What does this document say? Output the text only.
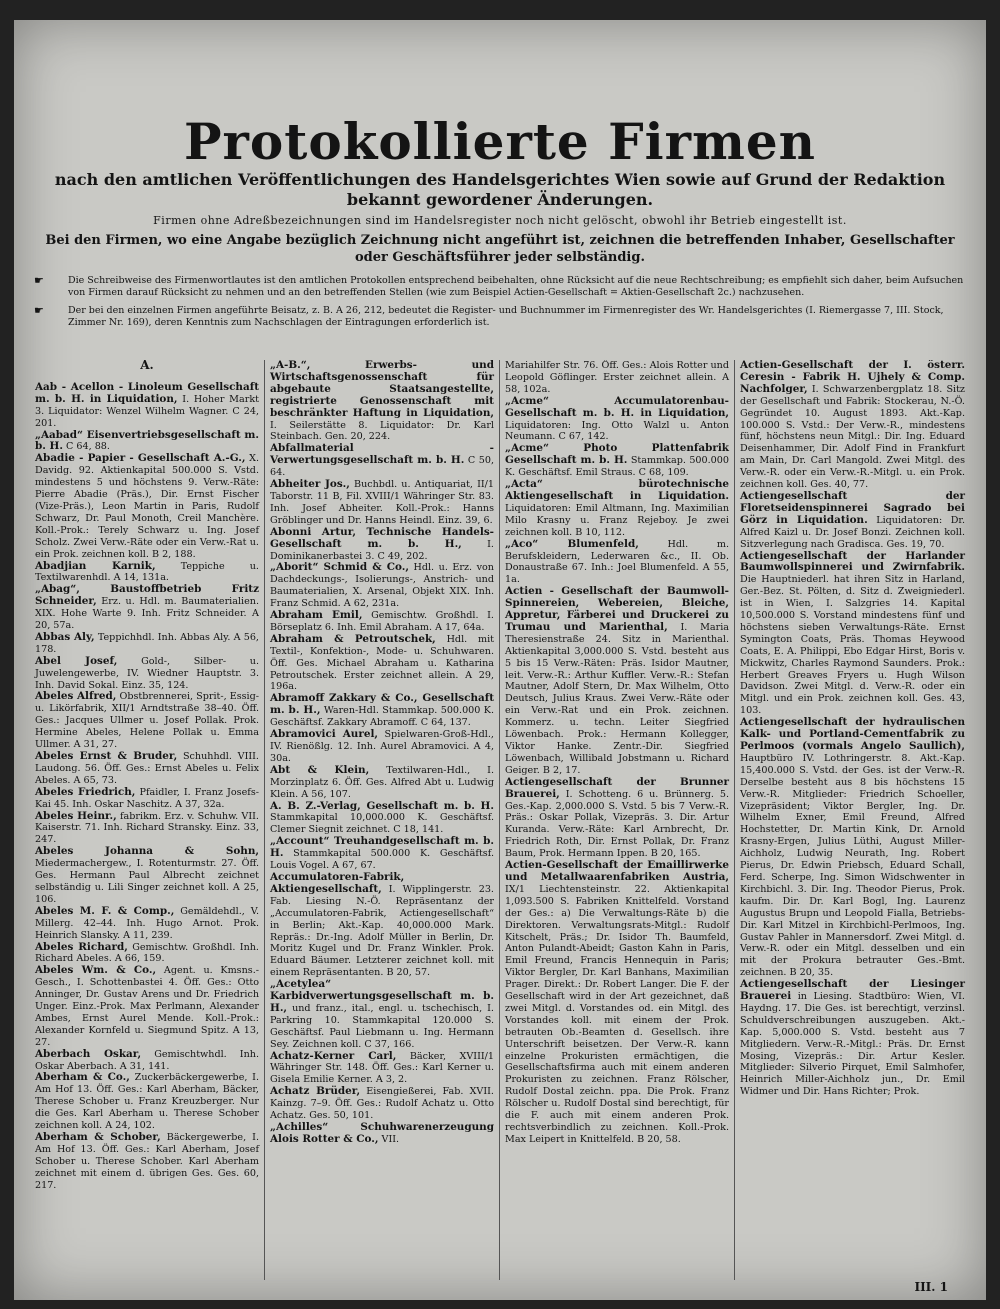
Protokollierte Firmen
nach den amtlichen Veröffentlichungen des Handelsgerichtes Wien sowie auf Grund der Redaktion bekannt gewordener Änderungen.
Firmen ohne Adreßbezeichnungen sind im Handelsregister noch nicht gelöscht, obwohl ihr Betrieb eingestellt ist.
Bei den Firmen, wo eine Angabe bezüglich Zeichnung nicht angeführt ist, zeichnen die betreffenden Inhaber, Gesellschafter oder Geschäftsführer jeder selbständig.
☛	Die Schreibweise des Firmenwortlautes ist den amtlichen Protokollen entsprechend beibehalten, ohne Rücksicht auf die neue Rechtschreibung; es empfiehlt sich daher, beim Aufsuchen von Firmen darauf Rücksicht zu nehmen und an den betreffenden Stellen (wie zum Beispiel Actien-Gesellschaft = Aktien-Gesellschaft 2c.) nachzusehen.
☛	Der bei den einzelnen Firmen angeführte Beisatz, z. B. A 26, 212, bedeutet die Register- und Buchnummer im Firmenregister des Wr. Handelsgerichtes (I. Riemergasse 7, III. Stock, Zimmer Nr. 169), deren Kenntnis zum Nachschlagen der Eintragungen erforderlich ist.
A.

Aab - Acellon - Linoleum Gesellschaft m. b. H. in Liquidation, I. Hoher Markt 3. Liquidator: Wenzel Wilhelm Wagner. C 24, 201.

„Aabad“ Eisenvertriebsgesellschaft m. b. H. C 64, 88.

Abadie - Papier - Gesellschaft A.-G., X. Davidg. 92. Aktienkapital 500.000 S. Vstd. mindestens 5 und höchstens 9. Verw.-Räte: Pierre Abadie (Präs.), Dir. Ernst Fischer (Vize-Präs.), Leon Martin in Paris, Rudolf Schwarz, Dr. Paul Monoth, Creil Manchère. Koll.-Prok.: Terely Schwarz u. Ing. Josef Scholz. Zwei Verw.-Räte oder ein Verw.-Rat u. ein Prok. zeichnen koll. B 2, 188.

Abadjian Karnik,	Teppiche u. Textilwarenhdl. A 14, 131a.

„Abag“, Baustoffbetrieb Fritz Schneider, Erz. u. Hdl. m. Baumaterialien. XIX. Hohe Warte 9. Inh. Fritz Schneider. A 20, 57a.

Abbas Aly, Teppichhdl. Inh. Abbas Aly. A 56, 178.

Abel Josef, Gold-, Silber- u. Juwelengewerbe, IV. Wiedner Hauptstr. 3. Inh. David Sokal. Einz. 35, 124.

Abeles Alfred, Obstbrennerei, Sprit-, Essig- u. Likörfabrik, XII/1 Arndtstraße 38–40. Öff. Ges.: Jacques Ullmer u. Josef Pollak. Prok. Hermine Abeles, Helene Pollak u. Emma Ullmer. A 31, 27.

Abeles Ernst & Bruder, Schuhhdl. VIII. Laudong. 56. Öff. Ges.: Ernst Abeles u. Felix Abeles. A 65, 73.

Abeles Friedrich, Pfaidler, I. Franz Josefs-Kai 45. Inh. Oskar Naschitz. A 37, 32a.

Abeles Heinr., fabrikm. Erz. v. Schuhw. VII. Kaiserstr. 71. Inh. Richard Stransky. Einz. 33, 247.

Abeles Johanna & Sohn, Miedermachergew., I. Rotenturmstr. 27. Öff. Ges. Hermann Paul Albrecht zeichnet selbständig u. Lili Singer zeichnet koll. A 25, 106.

Abeles M. F. & Comp., Gemäldehdl., V. Millerg. 42–44. Inh. Hugo Arnot. Prok. Heinrich Slansky. A 11, 239.

Abeles Richard, Gemischtw. Großhdl. Inh. Richard Abeles. A 66, 159.

Abeles Wm. & Co., Agent. u. Kmsns.-Gesch., I. Schottenbastei 4. Öff. Ges.: Otto Anninger, Dr. Gustav Arens und Dr. Friedrich Unger. Einz.-Prok. Max Perlmann, Alexander Ambes, Ernst Aurel Mende. Koll.-Prok.: Alexander Kornfeld u. Siegmund Spitz. A 13, 27.

Aberbach Oskar, Gemischtwhdl. Inh. Oskar Aberbach. A 31, 141.

Aberham & Co., Zuckerbäckergewerbe, I. Am Hof 13. Öff. Ges.: Karl Aberham, Bäcker, Therese Schober u. Franz Kreuzberger. Nur die Ges. Karl Aberham u. Therese Schober zeichnen koll. A 24, 102.

Aberham & Schober, Bäckergewerbe, I. Am Hof 13. Öff. Ges.: Karl Aberham, Josef Schober u. Therese Schober. Karl Aberham zeichnet mit einem d. übrigen Ges. Ges. 60, 217.

„A-B.“, Erwerbs- und Wirtschaftsgenossenschaft für abgebaute Staatsangestellte, registrierte Genossenschaft mit beschränkter Haftung in Liquidation, I. Seilerstätte 8. Liquidator: Dr. Karl Steinbach. Gen. 20, 224.

Abfallmaterial - Verwertungsgesellschaft m. b. H. C 50, 64.

Abheiter Jos., Buchbdl. u. Antiquariat, II/1 Taborstr. 11 B, Fil. XVIII/1 Währinger Str. 83. Inh. Josef Abheiter. Koll.-Prok.: Hanns Gröblinger und Dr. Hanns Heindl. Einz. 39, 6.

Abonni Artur, Technische Handels-Gesellschaft m. b. H.,	I. Dominikanerbastei 3. C 49, 202.

„Aborit“ Schmid & Co., Hdl. u. Erz. von Dachdeckungs-, Isolierungs-, Anstrich- und Baumaterialien, X. Arsenal, Objekt XIX. Inh. Franz Schmid. A 62, 231a.

Abraham Emil, Gemischtw. Großhdl. I. Börseplatz 6. Inh. Emil Abraham. A 17, 64a.

Abraham & Petroutschek, Hdl. mit Textil-, Konfektion-, Mode- u. Schuhwaren. Öff. Ges. Michael Abraham u. Katharina Petroutschek. Erster zeichnet allein. A 29, 196a.

Abramoff Zakkary & Co., Gesellschaft m. b. H., Waren-Hdl. Stammkap. 500.000 K. Geschäftsf. Zakkary Abramoff. C 64, 137.

Abramovici Aurel, Spielwaren-Groß-Hdl., IV. Rienößlg. 12. Inh. Aurel Abramovici. A 4, 30a.

Abt & Klein, Textilwaren-Hdl., I. Morzinplatz 6. Öff. Ges. Alfred Abt u. Ludwig Klein. A 56, 107.

A. B. Z.-Verlag, Gesellschaft m. b. H. Stammkapital 10,000.000 K. Geschäftsf. Clemer Siegnit zeichnet. C 18, 141.

„Account“ Treuhandgesellschaft m. b. H. Stammkapital 500.000 K. Geschäftsf. Louis Vogel. A 67, 67.

Accumulatoren-Fabrik, Aktiengesellschaft, I. Wipplingerstr. 23. Fab. Liesing N.-Ö. Repräsentanz der „Accumulatoren-Fabrik, Actiengesellschaft“ in Berlin; Akt.-Kap. 40,000.000 Mark. Repräs.: Dr.-Ing. Adolf Müller in Berlin, Dr. Moritz Kugel und Dr. Franz Winkler. Prok. Eduard Bäumer. Letzterer zeichnet koll. mit einem Repräsentanten. B 20, 57.

„Acetylea“ Karbidverwertungsgesellschaft m. b. H., und franz., ital., engl. u. tschechisch, I. Parkring 10. Stammkapital 120.000 S. Geschäftsf. Paul Liebmann u. Ing. Hermann Sey. Zeichnen koll. C 37, 166.

Achatz-Kerner Carl, Bäcker, XVIII/1 Währinger Str. 148. Öff. Ges.: Karl Kerner u. Gisela Emilie Kerner. A 3, 2.

Achatz Brüder, Eisengießerei, Fab. XVII. Kainzg. 7–9. Öff. Ges.: Rudolf Achatz u. Otto Achatz. Ges. 50, 101.

„Achilles“ Schuhwarenerzeugung Alois Rotter & Co., VII.

Mariahilfer Str. 76. Öff. Ges.: Alois Rotter und Leopold Göflinger. Erster zeichnet allein. A 58, 102a.

„Acme“ Accumulatorenbau-Gesellschaft m. b. H. in Liquidation, Liquidatoren: Ing. Otto Walzl u. Anton Neumann. C 67, 142.

„Acme“ Photo Plattenfabrik Gesellschaft m. b. H. Stammkap. 500.000 K. Geschäftsf. Emil Straus. C 68, 109.

„Acta“ bürotechnische Aktiengesellschaft in Liquidation. Liquidatoren: Emil Altmann, Ing. Maximilian Milo Krasny u. Franz Rejeboy. Je zwei zeichnen koll. B 10, 112.

„Aco“ Blumenfeld,	Hdl. m. Berufskleidern, Lederwaren &c., II. Ob. Donaustraße 67. Inh.: Joel Blumenfeld. A 55, 1a.

Actien - Gesellschaft der Baumwoll-Spinnereien, Webereien, Bleiche, Appretur, Färberei und Druckerei zu Trumau und Marienthal, I. Maria Theresienstraße 24. Sitz in Marienthal. Aktienkapital 3,000.000 S. Vstd. besteht aus 5 bis 15 Verw.-Räten: Präs. Isidor Mautner, leit. Verw.-R.: Arthur Kuffler. Verw.-R.: Stefan Mautner, Adolf Stern, Dr. Max Wilhelm, Otto Deutsch, Julius Kraus. Zwei Verw.-Räte oder ein Verw.-Rat und ein Prok. zeichnen. Kommerz. u. techn. Leiter Siegfried Löwenbach. Prok.: Hermann Kollegger, Viktor Hanke. Zentr.-Dir. Siegfried Löwenbach, Willibald Jobstmann u. Richard Geiger. B 2, 17.

Actiengesellschaft der Brunner Brauerei, I. Schotteng. 6 u. Brünnerg. 5. Ges.-Kap. 2,000.000 S. Vstd. 5 bis 7 Verw.-R. Präs.: Oskar Pollak, Vizepräs. 3. Dir. Artur Kuranda. Verw.-Räte: Karl Arnbrecht, Dr. Friedrich Roth, Dir. Ernst Pollak, Dr. Franz Baum, Prok. Hermann Ippen. B 20, 165.

Actien-Gesellschaft der Emaillirwerke und Metallwaarenfabriken Austria, IX/1 Liechtensteinstr. 22. Aktienkapital 1,093.500 S. Fabriken Knittelfeld. Vorstand der Ges.: a) Die Verwaltungs-Räte b) die Direktoren. Verwaltungsrats-Mitgl.: Rudolf Kitschelt, Präs.; Dr. Isidor Th. Baumfeld, Anton Pulandt-Abeidt; Gaston Kahn in Paris, Emil Freund, Francis Hennequin in Paris; Viktor Bergler, Dr. Karl Banhans, Maximilian Prager. Direkt.: Dr. Robert Langer. Die F. der Gesellschaft wird in der Art gezeichnet, daß zwei Mitgl. d. Vorstandes od. ein Mitgl. des Vorstandes koll. mit einem der Prok. betrauten Ob.-Beamten d. Gesellsch. ihre Unterschrift beisetzen. Der Verw.-R. kann einzelne Prokuristen ermächtigen, die Gesellschaftsfirma auch mit einem anderen Prokuristen zu zeichnen. Franz Rölscher, Rudolf Dostal zeichn. ppa. Die Prok. Franz Rölscher u. Rudolf Dostal sind berechtigt, für die F. auch mit einem anderen Prok. rechtsverbindlich zu zeichnen. Koll.-Prok. Max Leipert in Knittelfeld. B 20, 58.

Actien-Gesellschaft der I. österr. Ceresin - Fabrik H. Ujhely & Comp. Nachfolger, I. Schwarzenbergplatz 18. Sitz der Gesellschaft und Fabrik: Stockerau, N.-Ö. Gegründet 10. August 1893. Akt.-Kap. 100.000 S. Vstd.: Der Verw.-R., mindestens fünf, höchstens neun Mitgl.: Dir. Ing. Eduard Deisenhammer, Dir. Adolf Find in Frankfurt am Main, Dr. Carl Mangold. Zwei Mitgl. des Verw.-R. oder ein Verw.-R.-Mitgl. u. ein Prok. zeichnen koll. Ges. 40, 77.

Actiengesellschaft der Floretseidenspinnerei Sagrado bei Görz in Liquidation. Liquidatoren: Dr. Alfred Kaizl u. Dr. Josef Bonzi. Zeichnen koll. Sitzverlegung nach Gradisca. Ges. 19, 70.

Actiengesellschaft der Harlander Baumwollspinnerei und Zwirnfabrik. Die Hauptniederl. hat ihren Sitz in Harland, Ger.-Bez. St. Pölten, d. Sitz d. Zweigniederl. ist in Wien, I. Salzgries 14. Kapital 10,500.000 S. Vorstand mindestens fünf und höchstens sieben Verwaltungs-Räte. Ernst Symington Coats, Präs. Thomas Heywood Coats, E. A. Philippi, Ebo Edgar Hirst, Boris v. Mickwitz, Charles Raymond Saunders. Prok.: Herbert Greaves Fryers u. Hugh Wilson Davidson. Zwei Mitgl. d. Verw.-R. oder ein Mitgl. und ein Prok. zeichnen koll. Ges. 43, 103.

Actiengesellschaft der hydraulischen Kalk- und Portland-Cementfabrik zu Perlmoos (vormals Angelo Saullich), Hauptbüro IV. Lothringerstr. 8. Akt.-Kap. 15,400.000 S. Vstd. der Ges. ist der Verw.-R. Derselbe besteht aus 8 bis höchstens 15 Verw.-R. Mitglieder: Friedrich Schoeller, Vizepräsident; Viktor Bergler, Ing. Dr. Wilhelm Exner, Emil Freund, Alfred Hochstetter, Dr. Martin Kink, Dr. Arnold Krasny-Ergen, Julius Lüthi, August Miller-Aichholz, Ludwig Neurath, Ing. Robert Pierus, Dr. Edwin Priebsch, Eduard Schall, Ferd. Scherpe, Ing. Simon Widschwenter in Kirchbichl. 3. Dir. Ing. Theodor Pierus, Prok. kaufm. Dir. Dr. Karl Bogl, Ing. Laurenz Augustus Brupn und Leopold Fialla, Betriebs-Dir. Karl Mitzel in Kirchbichl-Perlmoos, Ing. Gustav Pahler in Mannersdorf. Zwei Mitgl. d. Verw.-R. oder ein Mitgl. desselben und ein mit der Prokura betrauter Ges.-Bmt. zeichnen. B 20, 35.

Actiengesellschaft der Liesinger Brauerei in Liesing. Stadtbüro: Wien, VI. Haydng. 17. Die Ges. ist berechtigt, verzinsl. Schuldverschreibungen auszugeben. Akt.-Kap. 5,000.000 S. Vstd. besteht aus 7 Mitgliedern. Verw.-R.-Mitgl.: Präs. Dr. Ernst Mosing, Vizepräs.: Dir. Artur Kesler. Mitglieder: Silverio Pirquet, Emil Salmhofer, Heinrich Miller-Aichholz jun., Dr. Emil Widmer und Dir. Hans Richter; Prok.

III. 1
